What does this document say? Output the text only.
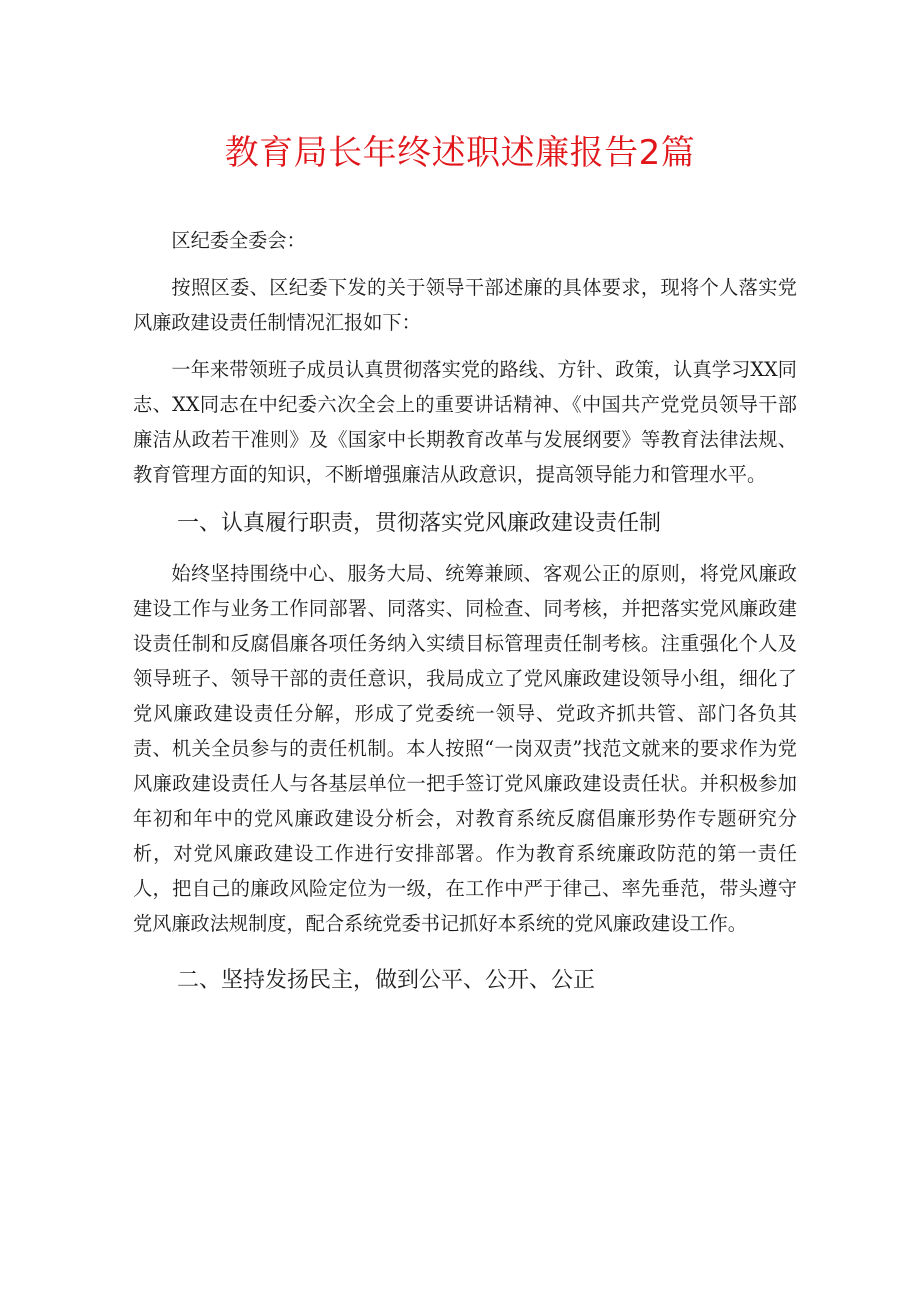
教育局长年终述职述廉报告2篇

区纪委全委会：

按照区委、区纪委下发的关于领导干部述廉的具体要求，现将个人落实党风廉政建设责任制情况汇报如下：

一年来带领班子成员认真贯彻落实党的路线、方针、政策，认真学习XX同志、XX同志在中纪委六次全会上的重要讲话精神、《中国共产党党员领导干部廉洁从政若干准则》及《国家中长期教育改革与发展纲要》等教育法律法规、教育管理方面的知识，不断增强廉洁从政意识，提高领导能力和管理水平。

一、认真履行职责，贯彻落实党风廉政建设责任制

始终坚持围绕中心、服务大局、统筹兼顾、客观公正的原则，将党风廉政建设工作与业务工作同部署、同落实、同检查、同考核，并把落实党风廉政建设责任制和反腐倡廉各项任务纳入实绩目标管理责任制考核。注重强化个人及领导班子、领导干部的责任意识，我局成立了党风廉政建设领导小组，细化了党风廉政建设责任分解，形成了党委统一领导、党政齐抓共管、部门各负其责、机关全员参与的责任机制。本人按照“一岗双责”找范文就来的要求作为党风廉政建设责任人与各基层单位一把手签订党风廉政建设责任状。并积极参加年初和年中的党风廉政建设分析会，对教育系统反腐倡廉形势作专题研究分析，对党风廉政建设工作进行安排部署。作为教育系统廉政防范的第一责任人，把自己的廉政风险定位为一级，在工作中严于律己、率先垂范，带头遵守党风廉政法规制度，配合系统党委书记抓好本系统的党风廉政建设工作。

二、坚持发扬民主，做到公平、公开、公正
